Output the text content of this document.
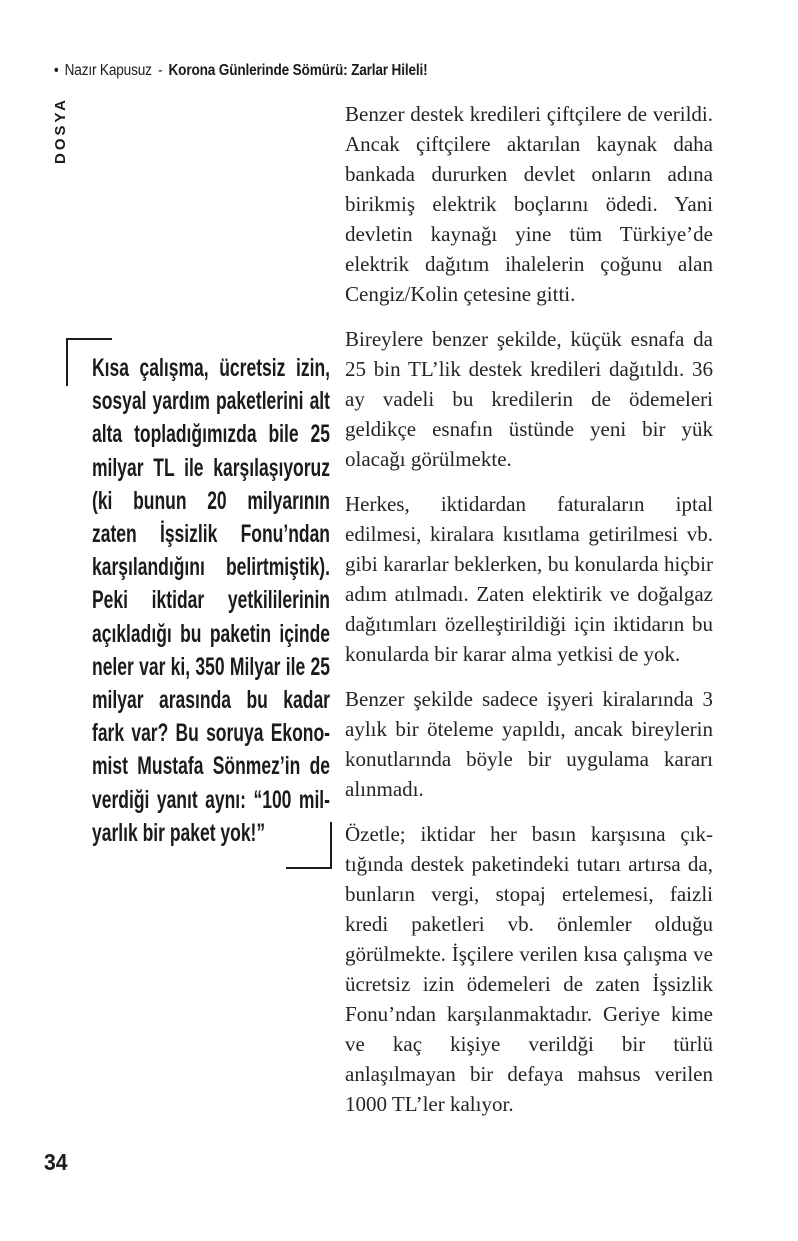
• Nazır Kapusuz - Korona Günlerinde Sömürü: Zarlar Hileli!
DOSYA
Kısa çalışma, ücretsiz izin, sosyal yardım paketlerini alt alta topladığımızda bile 25 milyar TL ile karşılaşıyoruz (ki bunun 20 milyarının zaten İşsizlik Fonu’ndan karşılandığını belirtmiştik). Peki iktidar yetkililerinin açıkladığı bu paketin içinde neler var ki, 350 Milyar ile 25 milyar arasında bu kadar fark var? Bu soruya Ekonomist Mustafa Sönmez’in de verdiği yanıt aynı: “100 milyarlık bir paket yok!”

Benzer destek kredileri çiftçilere de verildi. Ancak çiftçilere aktarılan kaynak daha bankada dururken devlet onların adına birikmiş elektrik boçlarını ödedi. Yani devletin kaynağı yine tüm Türkiye’de elektrik dağıtım ihalelerin çoğunu alan Cengiz/Kolin çetesine gitti.

Bireylere benzer şekilde, küçük esnafa da 25 bin TL’lik destek kredileri dağıtıldı. 36 ay vadeli bu kredilerin de ödemeleri geldikçe esnafın üstünde yeni bir yük olacağı görülmekte.

Herkes, iktidardan faturaların iptal edilmesi, kiralara kısıtlama getirilmesi vb. gibi kararlar beklerken, bu konularda hiçbir adım atılmadı. Zaten elektirik ve doğalgaz dağıtımları özelleştirildiği için iktidarın bu konularda bir karar alma yetkisi de yok.

Benzer şekilde sadece işyeri kiralarında 3 aylık bir öteleme yapıldı, ancak bireylerin konutlarında böyle bir uygulama kararı alınmadı.

Özetle; iktidar her basın karşısına çıktığında destek paketindeki tutarı artırsa da, bunların vergi, stopaj ertelemesi, faizli kredi paketleri vb. önlemler olduğu görülmekte. İşçilere verilen kısa çalışma ve ücretsiz izin ödemeleri de zaten İşsizlik Fonu’ndan karşılanmaktadır. Geriye kime ve kaç kişiye verildği bir türlü anlaşılmayan bir defaya mahsus verilen 1000 TL’ler kalıyor.

34
